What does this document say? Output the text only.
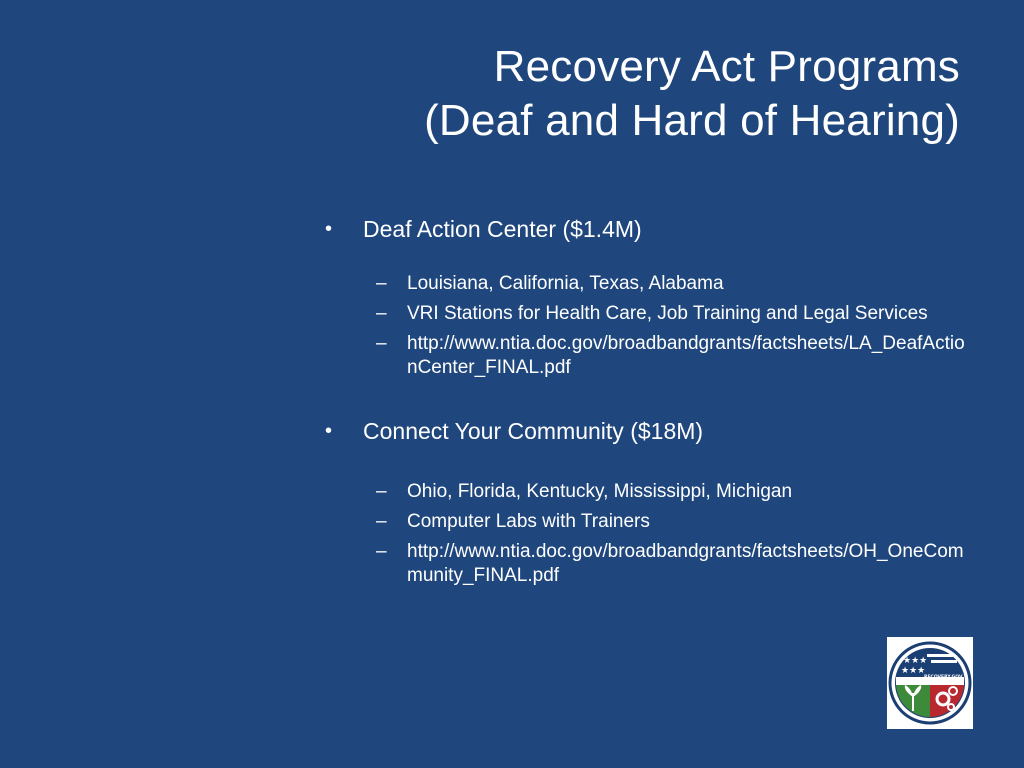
Recovery Act Programs
(Deaf and Hard of Hearing)
• Deaf Action Center ($1.4M)
– Louisiana, California, Texas, Alabama
– VRI Stations for Health Care, Job Training and Legal Services
– http://www.ntia.doc.gov/broadbandgrants/factsheets/LA_DeafActionCenter_FINAL.pdf
• Connect Your Community ($18M)
– Ohio, Florida, Kentucky, Mississippi, Michigan
– Computer Labs with Trainers
– http://www.ntia.doc.gov/broadbandgrants/factsheets/OH_OneCommunity_FINAL.pdf
★★★
★★★
RECOVERY.GOV
